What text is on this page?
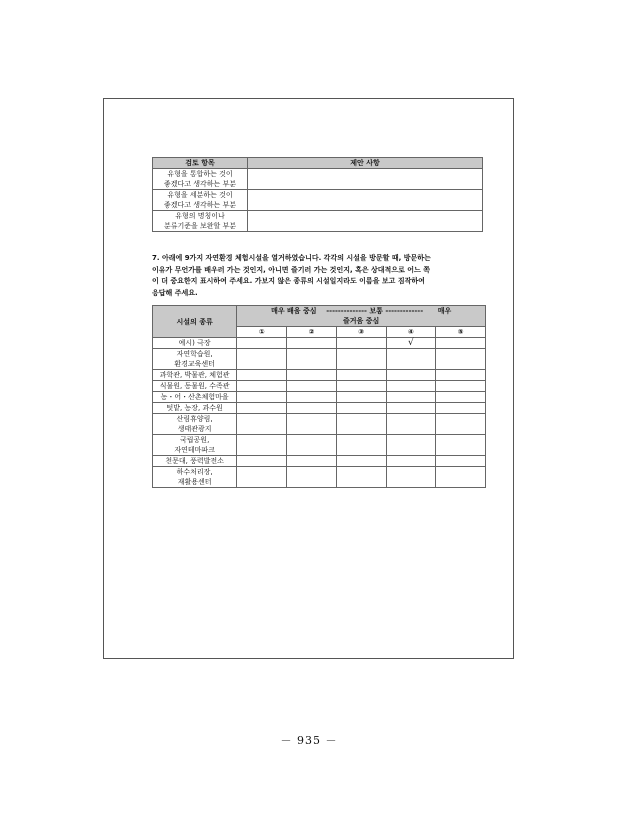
검토 항목	제안 사항

유형을 통합하는 것이
좋겠다고 생각하는 부분	

유형을 세분하는 것이
좋겠다고 생각하는 부분	

유형의 명칭이나
분류기준을 보완할 부분	

7. 아래에 9가지 자연환경 체험시설을 열거하였습니다. 각각의 시설을 방문할 때, 방문하는
이유가 무언가를 배우러 가는 것인지, 아니면 즐기러 가는 것인지, 혹은 상대적으로 어느 쪽
이 더 중요한지 표시하여 주세요. 가보지 않은 종류의 시설일지라도 이름을 보고 짐작하여
응답해 주세요.
시설의 종류	매우 배움 중심    -------------- 보통 -------------      매우
즐거움 중심				

	①	②	③	④	⑤

예시) 극장				√	

자연학습원,
환경교육센터					

과학관, 박물관, 체험관					

식물원, 동물원, 수족관					

농・어・산촌체험마을					

텃밭, 농장, 과수원					

산림휴양림,
생태관광지					

국립공원,
자연테마파크					

천문대, 풍력발전소					

하수처리장,
재활용센터					

－ 935 －
